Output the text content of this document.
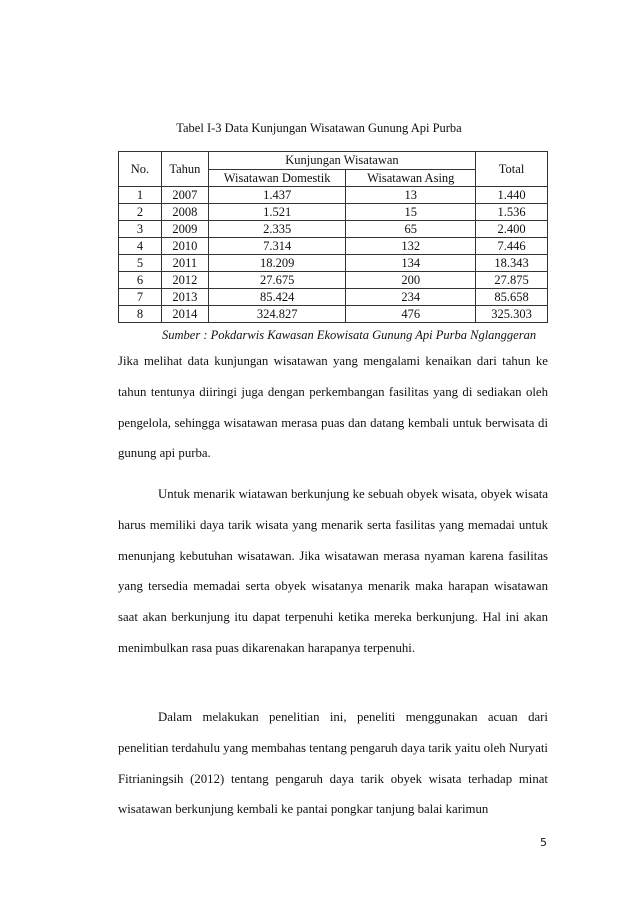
Tabel I-3 Data Kunjungan Wisatawan Gunung Api Purba
No.	Tahun	Kunjungan Wisatawan		Total
		Wisatawan Domestik	Wisatawan Asing	
1	2007	1.437	13	1.440
2	2008	1.521	15	1.536
3	2009	2.335	65	2.400
4	2010	7.314	132	7.446
5	2011	18.209	134	18.343
6	2012	27.675	200	27.875
7	2013	85.424	234	85.658
8	2014	324.827	476	325.303
Sumber : Pokdarwis Kawasan Ekowisata Gunung Api Purba Nglanggeran

Jika melihat data kunjungan wisatawan yang mengalami kenaikan dari tahun ke tahun tentunya diiringi juga dengan perkembangan fasilitas yang di sediakan oleh pengelola, sehingga wisatawan merasa puas dan datang kembali untuk berwisata di gunung api purba.

Untuk menarik wiatawan berkunjung ke sebuah obyek wisata, obyek wisata harus memiliki daya tarik wisata yang menarik serta fasilitas yang memadai untuk menunjang kebutuhan wisatawan. Jika wisatawan merasa nyaman karena fasilitas yang tersedia memadai serta obyek wisatanya menarik maka harapan wisatawan saat akan berkunjung itu dapat terpenuhi ketika mereka berkunjung. Hal ini akan menimbulkan rasa puas dikarenakan harapanya terpenuhi.

Dalam melakukan penelitian ini, peneliti menggunakan acuan dari penelitian terdahulu yang membahas tentang pengaruh daya tarik yaitu oleh Nuryati Fitrianingsih (2012) tentang pengaruh daya tarik obyek wisata terhadap minat wisatawan berkunjung kembali ke pantai pongkar tanjung balai karimun

5
